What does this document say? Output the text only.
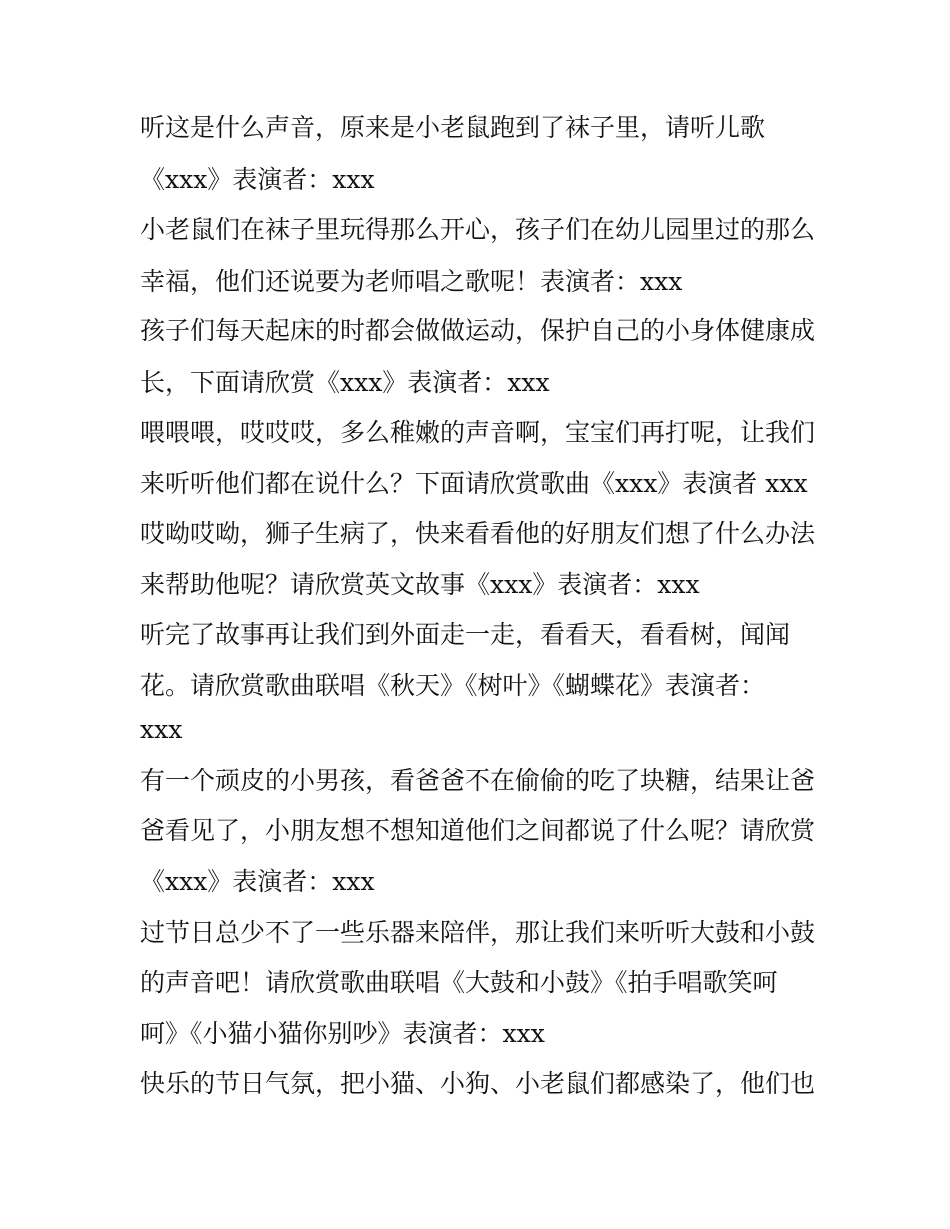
听这是什么声音，原来是小老鼠跑到了袜子里，请听儿歌
《xxx》表演者：xxx
小老鼠们在袜子里玩得那么开心，孩子们在幼儿园里过的那么
幸福，他们还说要为老师唱之歌呢！表演者：xxx
孩子们每天起床的时都会做做运动，保护自己的小身体健康成
长，下面请欣赏《xxx》表演者：xxx
喂喂喂，哎哎哎，多么稚嫩的声音啊，宝宝们再打呢，让我们
来听听他们都在说什么？下面请欣赏歌曲《xxx》表演者 xxx
哎呦哎呦，狮子生病了，快来看看他的好朋友们想了什么办法
来帮助他呢？请欣赏英文故事《xxx》表演者：xxx
听完了故事再让我们到外面走一走，看看天，看看树，闻闻
花。请欣赏歌曲联唱《秋天》《树叶》《蝴蝶花》表演者：
xxx
有一个顽皮的小男孩，看爸爸不在偷偷的吃了块糖，结果让爸
爸看见了，小朋友想不想知道他们之间都说了什么呢？请欣赏
《xxx》表演者：xxx
过节日总少不了一些乐器来陪伴，那让我们来听听大鼓和小鼓
的声音吧！请欣赏歌曲联唱《大鼓和小鼓》《拍手唱歌笑呵
呵》《小猫小猫你别吵》表演者：xxx
快乐的节日气氛，把小猫、小狗、小老鼠们都感染了，他们也
